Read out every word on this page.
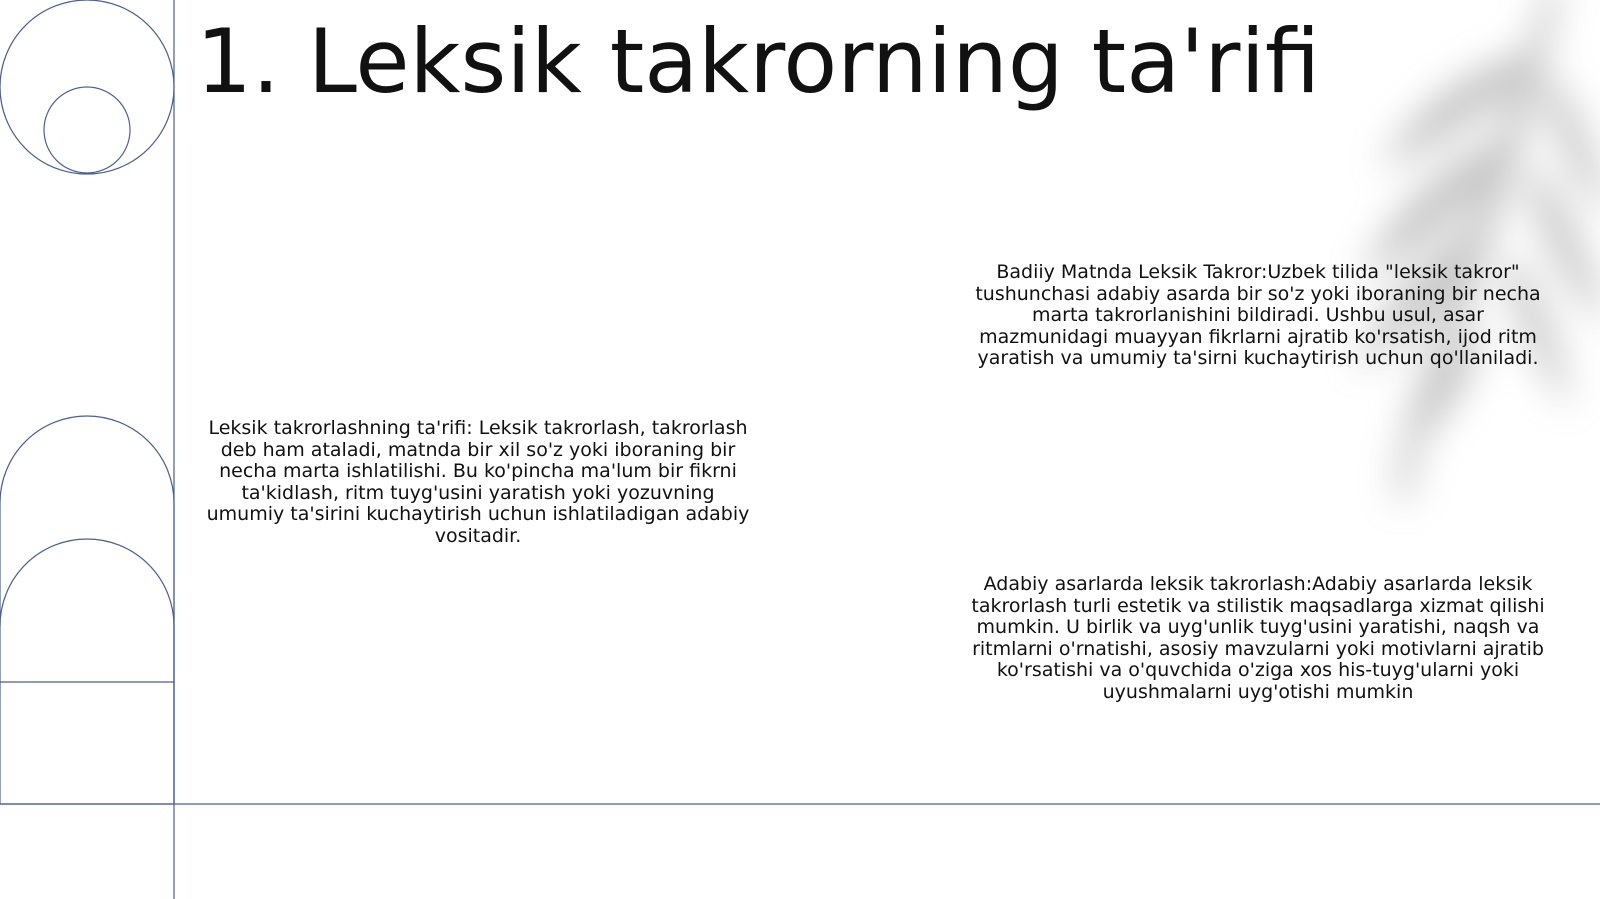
1. Leksik takrorning ta'rifi

Leksik takrorlashning ta'rifi: Leksik takrorlash, takrorlash deb ham ataladi, matnda bir xil so'z yoki iboraning bir necha marta ishlatilishi. Bu ko'pincha ma'lum bir fikrni ta'kidlash, ritm tuyg'usini yaratish yoki yozuvning umumiy ta'sirini kuchaytirish uchun ishlatiladigan adabiy vositadir.

Badiiy Matnda Leksik Takror:Uzbek tilida "leksik takror" tushunchasi adabiy asarda bir so'z yoki iboraning bir necha marta takrorlanishini bildiradi. Ushbu usul, asar mazmunidagi muayyan fikrlarni ajratib ko'rsatish, ijod ritm yaratish va umumiy ta'sirni kuchaytirish uchun qo'llaniladi.

Adabiy asarlarda leksik takrorlash:Adabiy asarlarda leksik takrorlash turli estetik va stilistik maqsadlarga xizmat qilishi mumkin. U birlik va uyg'unlik tuyg'usini yaratishi, naqsh va ritmlarni o'rnatishi, asosiy mavzularni yoki motivlarni ajratib ko'rsatishi va o'quvchida o'ziga xos his-tuyg'ularni yoki uyushmalarni uyg'otishi mumkin
